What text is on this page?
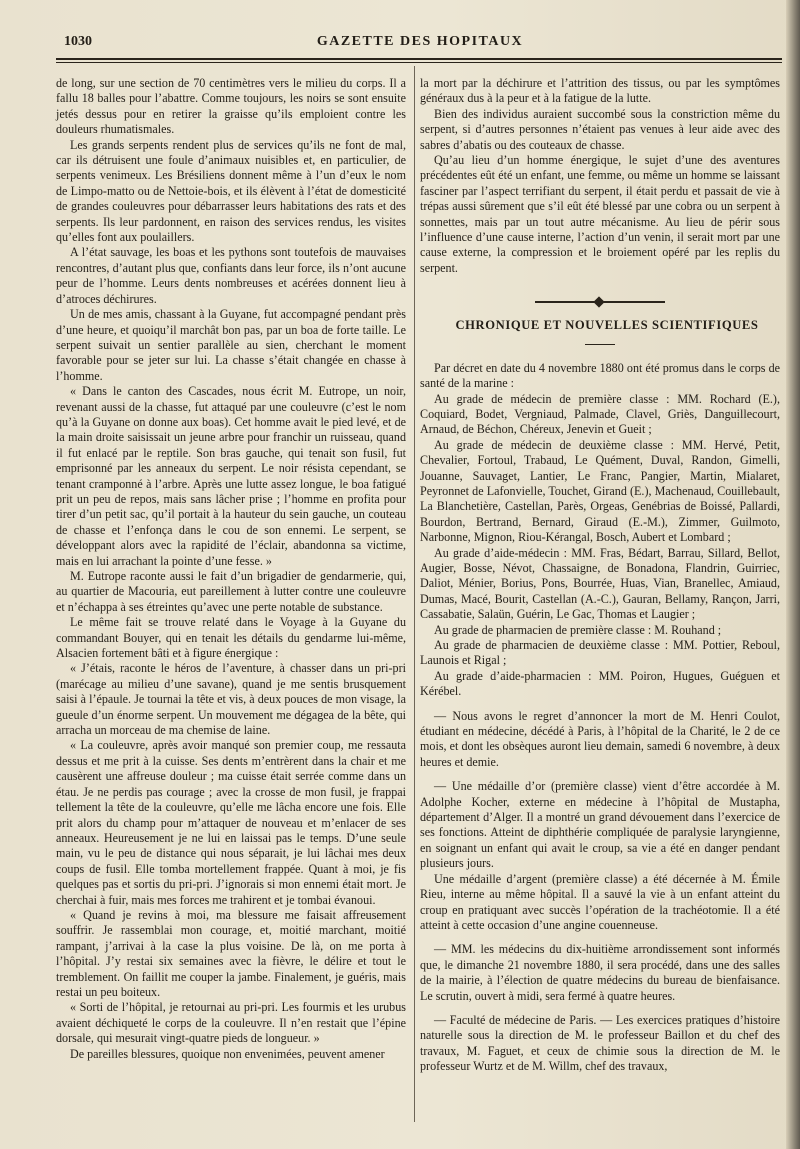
1030	GAZETTE DES HOPITAUX

de long, sur une section de 70 centimètres vers le milieu du corps. Il a fallu 18 balles pour l’abattre. Comme toujours, les noirs se sont ensuite jetés dessus pour en retirer la graisse qu’ils emploient contre les douleurs rhumatismales.

Les grands serpents rendent plus de services qu’ils ne font de mal, car ils détruisent une foule d’animaux nuisibles et, en particulier, de serpents venimeux. Les Brésiliens donnent même à l’un d’eux le nom de Limpo-matto ou de Nettoie-bois, et ils élèvent à l’état de domesticité de grandes couleuvres pour débarrasser leurs habitations des rats et des serpents. Ils leur pardonnent, en raison des services rendus, les visites qu’elles font aux poulaillers.

A l’état sauvage, les boas et les pythons sont toutefois de mauvaises rencontres, d’autant plus que, confiants dans leur force, ils n’ont aucune peur de l’homme. Leurs dents nombreuses et acérées donnent lieu à d’atroces déchirures.

Un de mes amis, chassant à la Guyane, fut accompagné pendant près d’une heure, et quoiqu’il marchât bon pas, par un boa de forte taille. Le serpent suivait un sentier parallèle au sien, cherchant le moment favorable pour se jeter sur lui. La chasse s’était changée en chasse à l’homme.

« Dans le canton des Cascades, nous écrit M. Eutrope, un noir, revenant aussi de la chasse, fut attaqué par une couleuvre (c’est le nom qu’à la Guyane on donne aux boas). Cet homme avait le pied levé, et de la main droite saisissait un jeune arbre pour franchir un ruisseau, quand il fut enlacé par le reptile. Son bras gauche, qui tenait son fusil, fut emprisonné par les anneaux du serpent. Le noir résista cependant, se tenant cramponné à l’arbre. Après une lutte assez longue, le boa fatigué prit un peu de repos, mais sans lâcher prise ; l’homme en profita pour tirer d’un petit sac, qu’il portait à la hauteur du sein gauche, un couteau de chasse et l’enfonça dans le cou de son ennemi. Le serpent, se développant alors avec la rapidité de l’éclair, abandonna sa victime, mais en lui arrachant la pointe d’une fesse. »

M. Eutrope raconte aussi le fait d’un brigadier de gendarmerie, qui, au quartier de Macouria, eut pareillement à lutter contre une couleuvre et n’échappa à ses étreintes qu’avec une perte notable de substance.

Le même fait se trouve relaté dans le Voyage à la Guyane du commandant Bouyer, qui en tenait les détails du gendarme lui-même, Alsacien fortement bâti et à figure énergique :

« J’étais, raconte le héros de l’aventure, à chasser dans un pri-pri (marécage au milieu d’une savane), quand je me sentis brusquement saisi à l’épaule. Je tournai la tête et vis, à deux pouces de mon visage, la gueule d’un énorme serpent. Un mouvement me dégagea de la bête, qui arracha un morceau de ma chemise de laine.

« La couleuvre, après avoir manqué son premier coup, me ressauta dessus et me prit à la cuisse. Ses dents m’entrèrent dans la chair et me causèrent une affreuse douleur ; ma cuisse était serrée comme dans un étau. Je ne perdis pas courage ; avec la crosse de mon fusil, je frappai tellement la tête de la couleuvre, qu’elle me lâcha encore une fois. Elle prit alors du champ pour m’attaquer de nouveau et m’enlacer de ses anneaux. Heureusement je ne lui en laissai pas le temps. D’une seule main, vu le peu de distance qui nous séparait, je lui lâchai mes deux coups de fusil. Elle tomba mortellement frappée. Quant à moi, je fis quelques pas et sortis du pri-pri. J’ignorais si mon ennemi était mort. Je cherchai à fuir, mais mes forces me trahirent et je tombai évanoui.

« Quand je revins à moi, ma blessure me faisait affreusement souffrir. Je rassemblai mon courage, et, moitié marchant, moitié rampant, j’arrivai à la case la plus voisine. De là, on me porta à l’hôpital. J’y restai six semaines avec la fièvre, le délire et tout le tremblement. On faillit me couper la jambe. Finalement, je guéris, mais restai un peu boiteux.

« Sorti de l’hôpital, je retournai au pri-pri. Les fourmis et les urubus avaient déchiqueté le corps de la couleuvre. Il n’en restait que l’épine dorsale, qui mesurait vingt-quatre pieds de longueur. »

De pareilles blessures, quoique non envenimées, peuvent amener

la mort par la déchirure et l’attrition des tissus, ou par les symptômes généraux dus à la peur et à la fatigue de la lutte.

Bien des individus auraient succombé sous la constriction même du serpent, si d’autres personnes n’étaient pas venues à leur aide avec des sabres d’abatis ou des couteaux de chasse.

Qu’au lieu d’un homme énergique, le sujet d’une des aventures précédentes eût été un enfant, une femme, ou même un homme se laissant fasciner par l’aspect terrifiant du serpent, il était perdu et passait de vie à trépas aussi sûrement que s’il eût été blessé par une cobra ou un serpent à sonnettes, mais par un tout autre mécanisme. Au lieu de périr sous l’influence d’une cause interne, l’action d’un venin, il serait mort par une cause externe, la compression et le broiement opéré par les replis du serpent.

CHRONIQUE ET NOUVELLES SCIENTIFIQUES

Par décret en date du 4 novembre 1880 ont été promus dans le corps de santé de la marine :

Au grade de médecin de première classe : MM. Rochard (E.), Coquiard, Bodet, Vergniaud, Palmade, Clavel, Griès, Danguillecourt, Arnaud, de Béchon, Chéreux, Jenevin et Gueit ;

Au grade de médecin de deuxième classe : MM. Hervé, Petit, Chevalier, Fortoul, Trabaud, Le Quément, Duval, Randon, Gimelli, Jouanne, Sauvaget, Lantier, Le Franc, Pangier, Martin, Mialaret, Peyronnet de Lafonvielle, Touchet, Girand (E.), Machenaud, Couillebault, La Blanchetière, Castellan, Parès, Orgeas, Genébrias de Boissé, Pallardi, Bourdon, Bertrand, Bernard, Giraud (E.-M.), Zimmer, Guilmoto, Narbonne, Mignon, Riou-Kérangal, Bosch, Aubert et Lombard ;

Au grade d’aide-médecin : MM. Fras, Bédart, Barrau, Sillard, Bellot, Augier, Bosse, Névot, Chassaigne, de Bonadona, Flandrin, Guirriec, Daliot, Ménier, Borius, Pons, Bourrée, Huas, Vian, Branellec, Amiaud, Dumas, Macé, Bourit, Castellan (A.-C.), Gauran, Bellamy, Rançon, Jarri, Cassabatie, Salaün, Guérin, Le Gac, Thomas et Laugier ;

Au grade de pharmacien de première classe : M. Rouhand ;

Au grade de pharmacien de deuxième classe : MM. Pottier, Reboul, Launois et Rigal ;

Au grade d’aide-pharmacien : MM. Poiron, Hugues, Guéguen et Kérébel.

— Nous avons le regret d’annoncer la mort de M. Henri Coulot, étudiant en médecine, décédé à Paris, à l’hôpital de la Charité, le 2 de ce mois, et dont les obsèques auront lieu demain, samedi 6 novembre, à deux heures et demie.

— Une médaille d’or (première classe) vient d’être accordée à M. Adolphe Kocher, externe en médecine à l’hôpital de Mustapha, département d’Alger. Il a montré un grand dévouement dans l’exercice de ses fonctions. Atteint de diphthérie compliquée de paralysie laryngienne, en soignant un enfant qui avait le croup, sa vie a été en danger pendant plusieurs jours.

Une médaille d’argent (première classe) a été décernée à M. Émile Rieu, interne au même hôpital. Il a sauvé la vie à un enfant atteint du croup en pratiquant avec succès l’opération de la trachéotomie. Il a été atteint à cette occasion d’une angine couenneuse.

— MM. les médecins du dix-huitième arrondissement sont informés que, le dimanche 21 novembre 1880, il sera procédé, dans une des salles de la mairie, à l’élection de quatre médecins du bureau de bienfaisance. Le scrutin, ouvert à midi, sera fermé à quatre heures.

— Faculté de médecine de Paris. — Les exercices pratiques d’histoire naturelle sous la direction de M. le professeur Baillon et du chef des travaux, M. Faguet, et ceux de chimie sous la direction de M. le professeur Wurtz et de M. Willm, chef des travaux,
